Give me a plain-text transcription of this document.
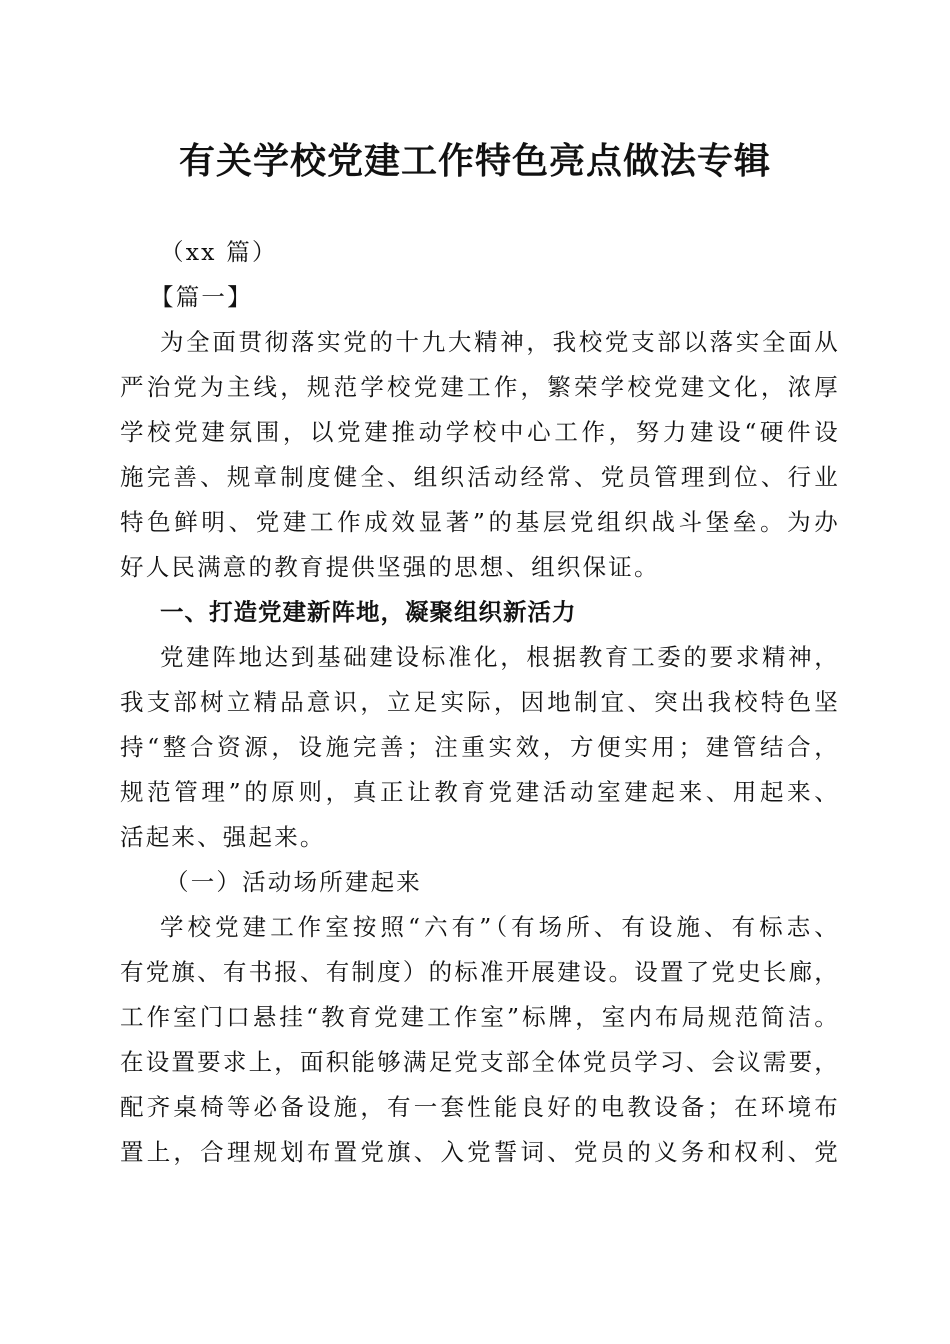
有关学校党建工作特色亮点做法专辑

（xx 篇）

【篇一】

为全面贯彻落实党的十九大精神，我校党支部以落实全面从

严治党为主线，规范学校党建工作，繁荣学校党建文化，浓厚

学校党建氛围，以党建推动学校中心工作，努力建设“硬件设

施完善、规章制度健全、组织活动经常、党员管理到位、行业

特色鲜明、党建工作成效显著”的基层党组织战斗堡垒。为办

好人民满意的教育提供坚强的思想、组织保证。

一、打造党建新阵地，凝聚组织新活力

党建阵地达到基础建设标准化，根据教育工委的要求精神，

我支部树立精品意识，立足实际，因地制宜、突出我校特色坚

持“整合资源，设施完善；注重实效，方便实用；建管结合，

规范管理”的原则，真正让教育党建活动室建起来、用起来、

活起来、强起来。

（一）活动场所建起来

学校党建工作室按照“六有”（有场所、有设施、有标志、

有党旗、有书报、有制度）的标准开展建设。设置了党史长廊，

工作室门口悬挂“教育党建工作室”标牌，室内布局规范简洁。

在设置要求上，面积能够满足党支部全体党员学习、会议需要，

配齐桌椅等必备设施，有一套性能良好的电教设备；在环境布

置上，合理规划布置党旗、入党誓词、党员的义务和权利、党
